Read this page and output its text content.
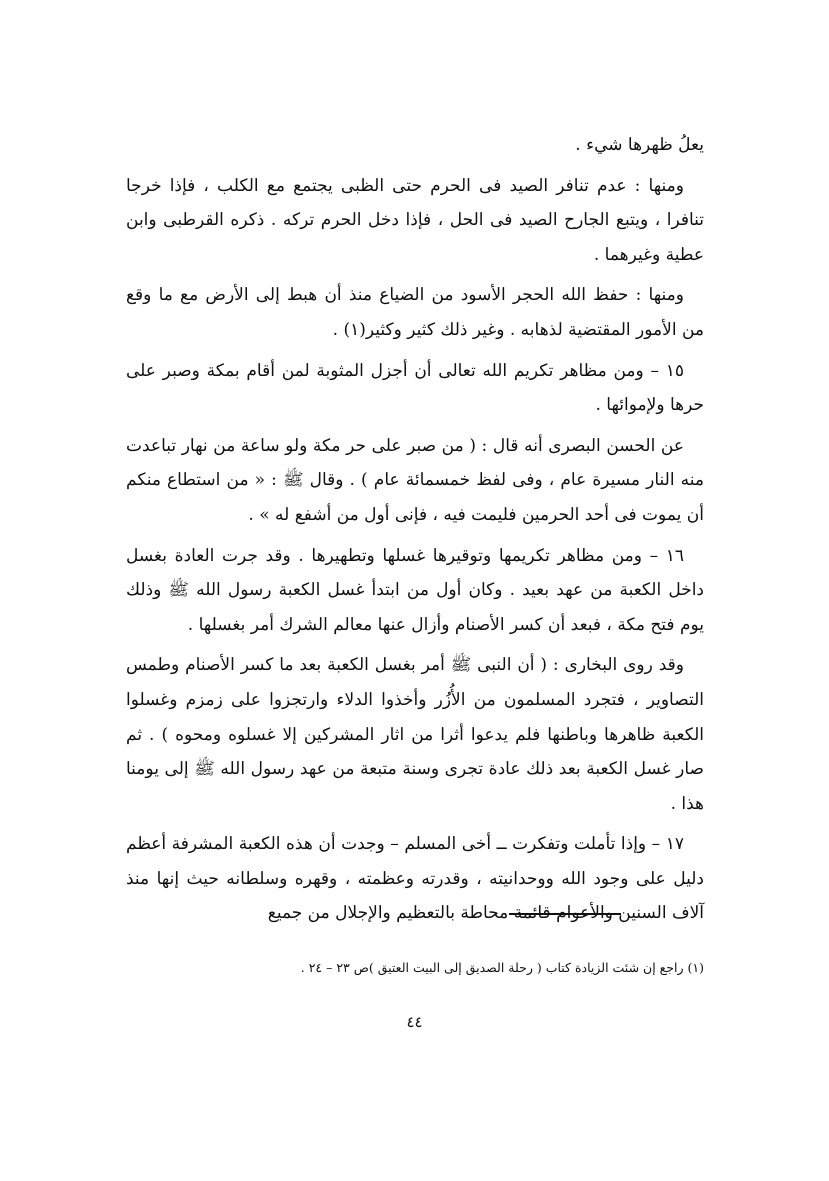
يعلُ ظهرها شيء .

ومنها : عدم تنافر الصيد فى الحرم حتى الظبى يجتمع مع الكلب ، فإذا خرجا تنافرا ، ويتبع الجارح الصيد فى الحل ، فإذا دخل الحرم تركه . ذكره القرطبى وابن عطية وغيرهما .

ومنها : حفظ الله الحجر الأسود من الضياع منذ أن هبط إلى الأرض مع ما وقع من الأمور المقتضية لذهابه . وغير ذلك كثير وكثير(١) .

١٥ – ومن مظاهر تكريم الله تعالى أن أجزل المثوبة لمن أقام بمكة وصبر على حرها ولإموائها .

عن الحسن البصرى أنه قال : ( من صبر على حر مكة ولو ساعة من نهار تباعدت منه النار مسيرة عام ، وفى لفظ خمسمائة عام ) . وقال ﷺ : « من استطاع منكم أن يموت فى أحد الحرمين فليمت فيه ، فإنى أول من أشفع له » .

١٦ – ومن مظاهر تكريمها وتوقيرها غسلها وتطهيرها . وقد جرت العادة بغسل داخل الكعبة من عهد بعيد . وكان أول من ابتدأ غسل الكعبة رسول الله ﷺ وذلك يوم فتح مكة ، فبعد أن كسر الأصنام وأزال عنها معالم الشرك أمر بغسلها .

وقد روى البخارى : ( أن النبى ﷺ أمر بغسل الكعبة بعد ما كسر الأصنام وطمس التصاوير ، فتجرد المسلمون من الأُزُر وأخذوا الدلاء وارتجزوا على زمزم وغسلوا الكعبة ظاهرها وباطنها فلم يدعوا أثرا من اثار المشركين إلا غسلوه ومحوه ) . ثم صار غسل الكعبة بعد ذلك عادة تجرى وسنة متبعة من عهد رسول الله ﷺ إلى يومنا هذا .

١٧ – وإذا تأملت وتفكرت ــ أخى المسلم – وجدت أن هذه الكعبة المشرفة أعظم دليل على وجود الله ووحدانيته ، وقدرته وعظمته ، وقهره وسلطانه حيث إنها منذ آلاف السنين والأعوام قائمة محاطة بالتعظيم والإجلال من جميع

(١) راجع إن شئت الزيادة كتاب ( رحلة الصديق إلى البيت العتيق )ص ٢٣ – ٢٤ .
٤٤
